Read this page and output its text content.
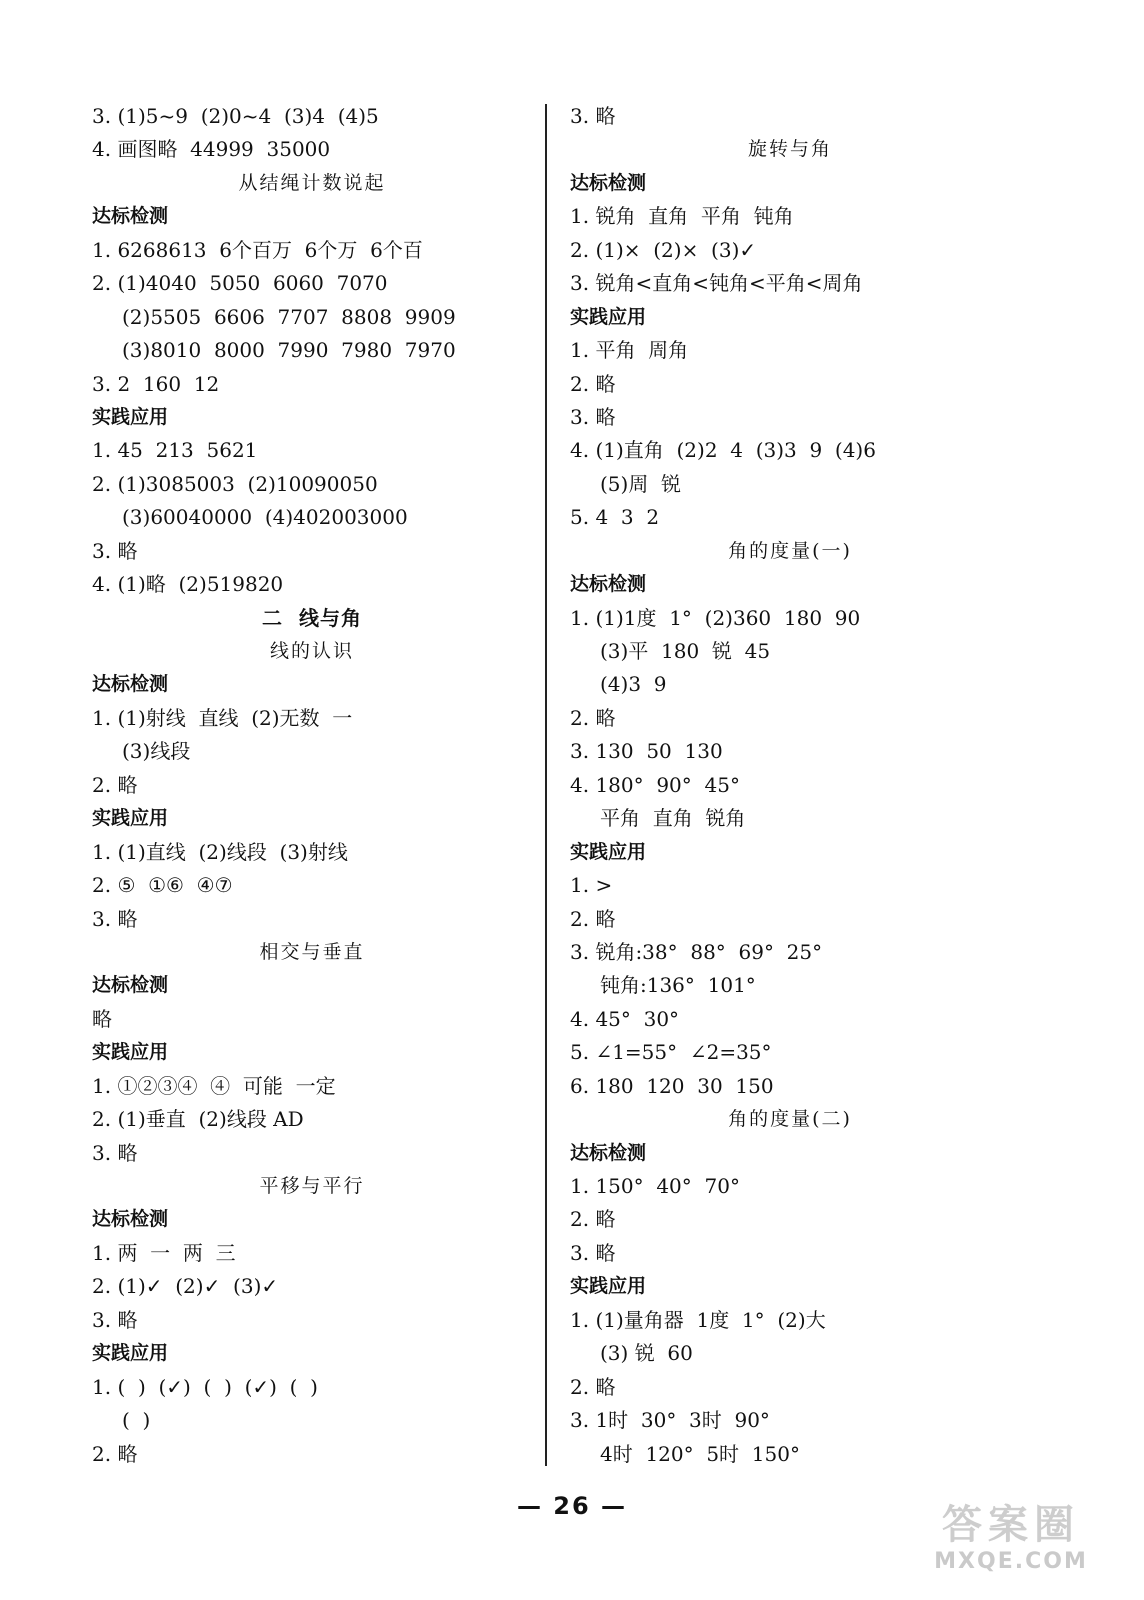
3. (1)5~9  (2)0~4  (3)4  (4)5
4. 画图略  44999  35000
从结绳计数说起
达标检测
1. 6268613  6个百万  6个万  6个百
2. (1)4040  5050  6060  7070
(2)5505  6606  7707  8808  9909
(3)8010  8000  7990  7980  7970
3. 2  160  12
实践应用
1. 45  213  5621
2. (1)3085003  (2)10090050
(3)60040000  (4)402003000
3. 略
4. (1)略  (2)519820
二  线与角
线的认识
达标检测
1. (1)射线  直线  (2)无数  一
(3)线段
2. 略
实践应用
1. (1)直线  (2)线段  (3)射线
2. ⑤  ①⑥  ④⑦
3. 略
相交与垂直
达标检测
略
实践应用
1. ①②③④  ④  可能  一定
2. (1)垂直  (2)线段 AD
3. 略
平移与平行
达标检测
1. 两  一  两  三
2. (1)✓  (2)✓  (3)✓
3. 略
实践应用
1. (  )  (✓)  (  )  (✓)  (  )
(  )
2. 略
3. 略
旋转与角
达标检测
1. 锐角  直角  平角  钝角
2. (1)×  (2)×  (3)✓
3. 锐角<直角<钝角<平角<周角
实践应用
1. 平角  周角
2. 略
3. 略
4. (1)直角  (2)2  4  (3)3  9  (4)6
(5)周  锐
5. 4  3  2
角的度量(一)
达标检测
1. (1)1度  1°  (2)360  180  90
(3)平  180  锐  45
(4)3  9
2. 略
3. 130  50  130
4. 180°  90°  45°
平角  直角  锐角
实践应用
1. >
2. 略
3. 锐角:38°  88°  69°  25°
钝角:136°  101°
4. 45°  30°
5. ∠1=55°  ∠2=35°
6. 180  120  30  150
角的度量(二)
达标检测
1. 150°  40°  70°
2. 略
3. 略
实践应用
1. (1)量角器  1度  1°  (2)大
(3) 锐  60
2. 略
3. 1时  30°  3时  90°
4时  120°  5时  150°
— 26 —	答案圈
MXQE.COM
